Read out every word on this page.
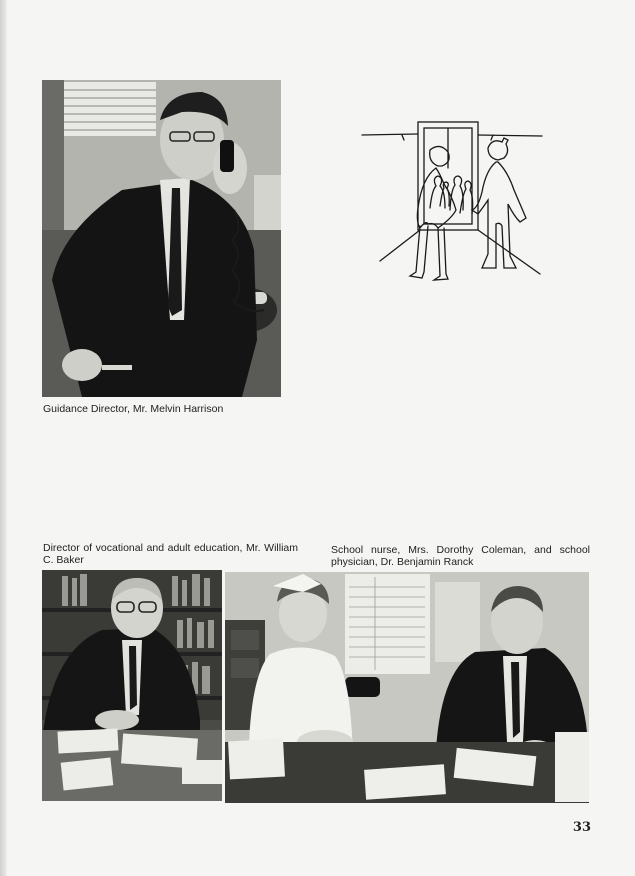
Guidance Director, Mr. Melvin Harrison
Director of vocational and adult education, Mr. William C. Baker
School nurse, Mrs. Dorothy Coleman, and school physician, Dr. Benjamin Ranck
33
